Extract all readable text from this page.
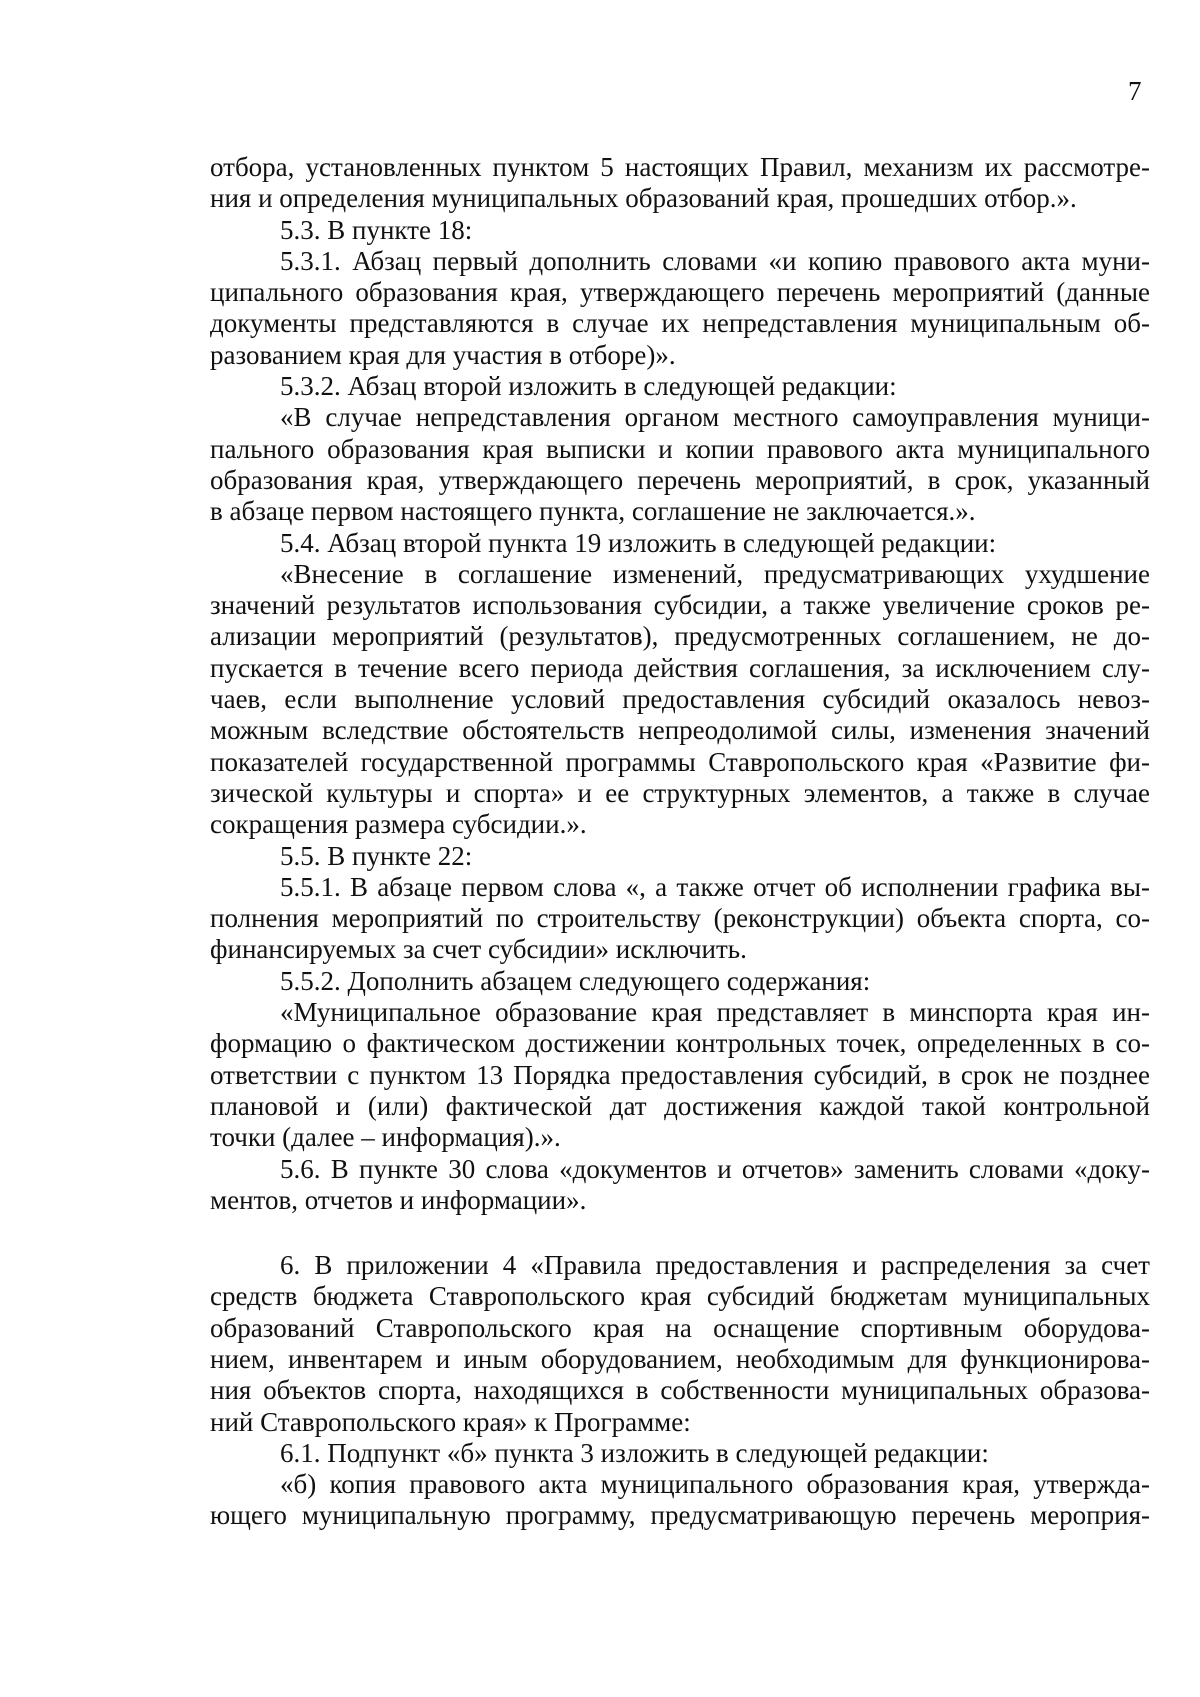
7
отбора, установленных пунктом 5 настоящих Правил, механизм их рассмотре-
ния и определения муниципальных образований края, прошедших отбор.».
5.3. В пункте 18:
5.3.1. Абзац первый дополнить словами «и копию правового акта муни-
ципального образования края, утверждающего перечень мероприятий (данные
документы представляются в случае их непредставления муниципальным об-
разованием края для участия в отборе)».
5.3.2. Абзац второй изложить в следующей редакции:
«В случае непредставления органом местного самоуправления муници-
пального образования края выписки и копии правового акта муниципального
образования края, утверждающего перечень мероприятий, в срок, указанный
в абзаце первом настоящего пункта, соглашение не заключается.».
5.4. Абзац второй пункта 19 изложить в следующей редакции:
«Внесение в соглашение изменений, предусматривающих ухудшение
значений результатов использования субсидии, а также увеличение сроков ре-
ализации мероприятий (результатов), предусмотренных соглашением, не до-
пускается в течение всего периода действия соглашения, за исключением слу-
чаев, если выполнение условий предоставления субсидий оказалось невоз-
можным вследствие обстоятельств непреодолимой силы, изменения значений
показателей государственной программы Ставропольского края «Развитие фи-
зической культуры и спорта» и ее структурных элементов, а также в случае
сокращения размера субсидии.».
5.5. В пункте 22:
5.5.1. В абзаце первом слова «, а также отчет об исполнении графика вы-
полнения мероприятий по строительству (реконструкции) объекта спорта, со-
финансируемых за счет субсидии» исключить.
5.5.2. Дополнить абзацем следующего содержания:
«Муниципальное образование края представляет в минспорта края ин-
формацию о фактическом достижении контрольных точек, определенных в со-
ответствии с пунктом 13 Порядка предоставления субсидий, в срок не позднее
плановой и (или) фактической дат достижения каждой такой контрольной
точки (далее – информация).».
5.6. В пункте 30 слова «документов и отчетов» заменить словами «доку-
ментов, отчетов и информации».
6. В приложении 4 «Правила предоставления и распределения за счет
средств бюджета Ставропольского края субсидий бюджетам муниципальных
образований Ставропольского края на оснащение спортивным оборудова-
нием, инвентарем и иным оборудованием, необходимым для функционирова-
ния объектов спорта, находящихся в собственности муниципальных образова-
ний Ставропольского края» к Программе:
6.1. Подпункт «б» пункта 3 изложить в следующей редакции:
«б) копия правового акта муниципального образования края, утвержда-
ющего муниципальную программу, предусматривающую перечень мероприя-
